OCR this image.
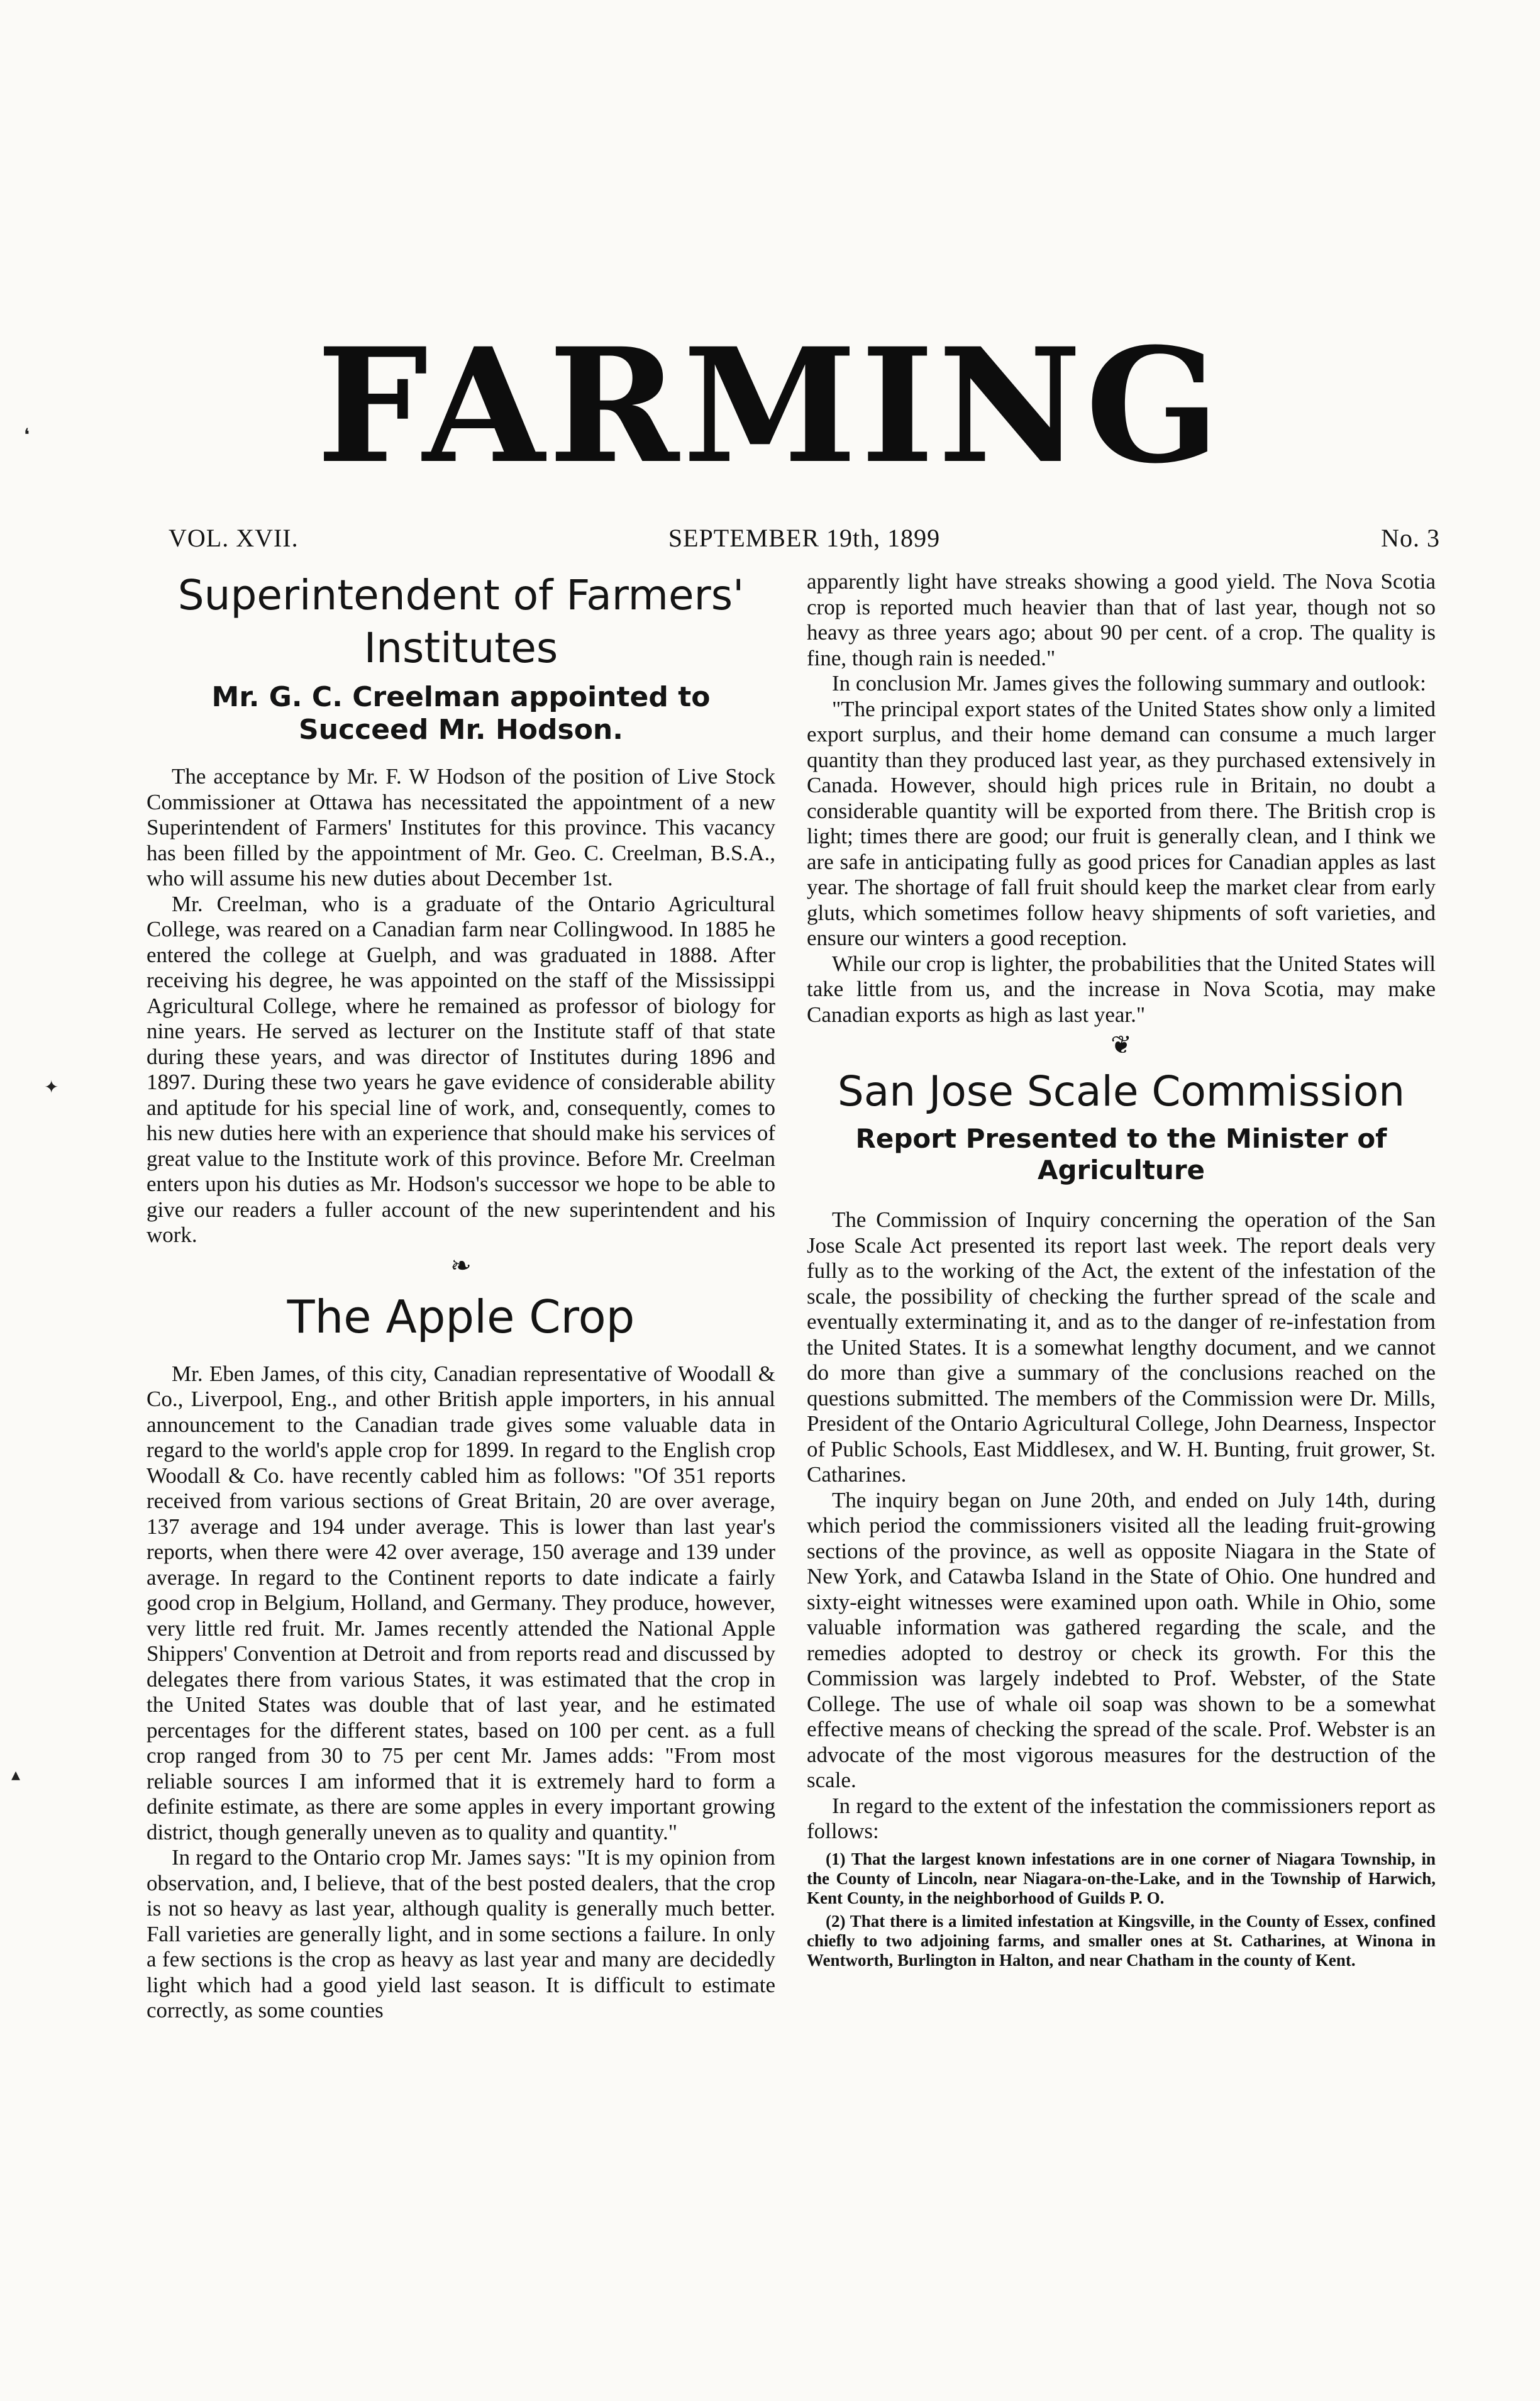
FARMING
VOL. XVII.	SEPTEMBER 19th, 1899	No. 3
Superintendent of Farmers' Institutes
Mr. G. C. Creelman appointed to Succeed Mr. Hodson.

The acceptance by Mr. F. W Hodson of the position of Live Stock Commissioner at Ottawa has necessitated the appointment of a new Superintendent of Farmers' Institutes for this province. This vacancy has been filled by the appointment of Mr. Geo. C. Creelman, B.S.A., who will assume his new duties about December 1st.

Mr. Creelman, who is a graduate of the Ontario Agricultural College, was reared on a Canadian farm near Collingwood. In 1885 he entered the college at Guelph, and was graduated in 1888. After receiving his degree, he was appointed on the staff of the Mississippi Agricultural College, where he remained as professor of biology for nine years. He served as lecturer on the Institute staff of that state during these years, and was director of Institutes during 1896 and 1897. During these two years he gave evidence of considerable ability and aptitude for his special line of work, and, consequently, comes to his new duties here with an experience that should make his services of great value to the Institute work of this province. Before Mr. Creelman enters upon his duties as Mr. Hodson's successor we hope to be able to give our readers a fuller account of the new superintendent and his work.

❧
The Apple Crop

Mr. Eben James, of this city, Canadian representative of Woodall & Co., Liverpool, Eng., and other British apple importers, in his annual announcement to the Canadian trade gives some valuable data in regard to the world's apple crop for 1899. In regard to the English crop Woodall & Co. have recently cabled him as follows: "Of 351 reports received from various sections of Great Britain, 20 are over average, 137 average and 194 under average. This is lower than last year's reports, when there were 42 over average, 150 average and 139 under average. In regard to the Continent reports to date indicate a fairly good crop in Belgium, Holland, and Germany. They produce, however, very little red fruit. Mr. James recently attended the National Apple Shippers' Convention at Detroit and from reports read and discussed by delegates there from various States, it was estimated that the crop in the United States was double that of last year, and he estimated percentages for the different states, based on 100 per cent. as a full crop ranged from 30 to 75 per cent Mr. James adds: "From most reliable sources I am informed that it is extremely hard to form a definite estimate, as there are some apples in every important growing district, though generally uneven as to quality and quantity."

In regard to the Ontario crop Mr. James says: "It is my opinion from observation, and, I believe, that of the best posted dealers, that the crop is not so heavy as last year, although quality is generally much better. Fall varieties are generally light, and in some sections a failure. In only a few sections is the crop as heavy as last year and many are decidedly light which had a good yield last season. It is difficult to estimate correctly, as some counties

apparently light have streaks showing a good yield. The Nova Scotia crop is reported much heavier than that of last year, though not so heavy as three years ago; about 90 per cent. of a crop. The quality is fine, though rain is needed."

In conclusion Mr. James gives the following summary and outlook:

"The principal export states of the United States show only a limited export surplus, and their home demand can consume a much larger quantity than they produced last year, as they purchased extensively in Canada. However, should high prices rule in Britain, no doubt a considerable quantity will be exported from there. The British crop is light; times there are good; our fruit is generally clean, and I think we are safe in anticipating fully as good prices for Canadian apples as last year. The shortage of fall fruit should keep the market clear from early gluts, which sometimes follow heavy shipments of soft varieties, and ensure our winters a good reception.

While our crop is lighter, the probabilities that the United States will take little from us, and the increase in Nova Scotia, may make Canadian exports as high as last year."

❦
San Jose Scale Commission
Report Presented to the Minister of Agriculture

The Commission of Inquiry concerning the operation of the San Jose Scale Act presented its report last week. The report deals very fully as to the working of the Act, the extent of the infestation of the scale, the possibility of checking the further spread of the scale and eventually exterminating it, and as to the danger of re-infestation from the United States. It is a somewhat lengthy document, and we cannot do more than give a summary of the conclusions reached on the questions submitted. The members of the Commission were Dr. Mills, President of the Ontario Agricultural College, John Dearness, Inspector of Public Schools, East Middlesex, and W. H. Bunting, fruit grower, St. Catharines.

The inquiry began on June 20th, and ended on July 14th, during which period the commissioners visited all the leading fruit-growing sections of the province, as well as opposite Niagara in the State of New York, and Catawba Island in the State of Ohio. One hundred and sixty-eight witnesses were examined upon oath. While in Ohio, some valuable information was gathered regarding the scale, and the remedies adopted to destroy or check its growth. For this the Commission was largely indebted to Prof. Webster, of the State College. The use of whale oil soap was shown to be a somewhat effective means of checking the spread of the scale. Prof. Webster is an advocate of the most vigorous measures for the destruction of the scale.

In regard to the extent of the infestation the commissioners report as follows:

(1) That the largest known infestations are in one corner of Niagara Township, in the County of Lincoln, near Niagara-on-the-Lake, and in the Township of Harwich, Kent County, in the neighborhood of Guilds P. O.

(2) That there is a limited infestation at Kingsville, in the County of Essex, confined chiefly to two adjoining farms, and smaller ones at St. Catharines, at Winona in Wentworth, Burlington in Halton, and near Chatham in the county of Kent.

❛
✦
▴
